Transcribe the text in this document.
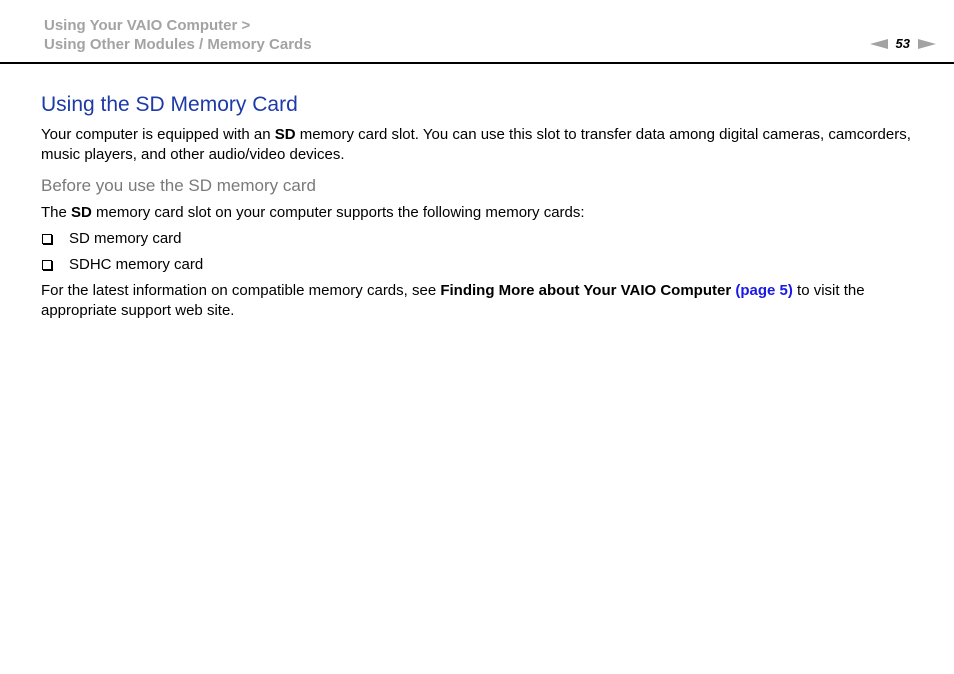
Using Your VAIO Computer >
Using Other Modules / Memory Cards	53
Using the SD Memory Card

Your computer is equipped with an SD memory card slot. You can use this slot to transfer data among digital cameras, camcorders, music players, and other audio/video devices.

Before you use the SD memory card

The SD memory card slot on your computer supports the following memory cards:

SD memory card
SDHC memory card

For the latest information on compatible memory cards, see Finding More about Your VAIO Computer (page 5) to visit the appropriate support web site.
